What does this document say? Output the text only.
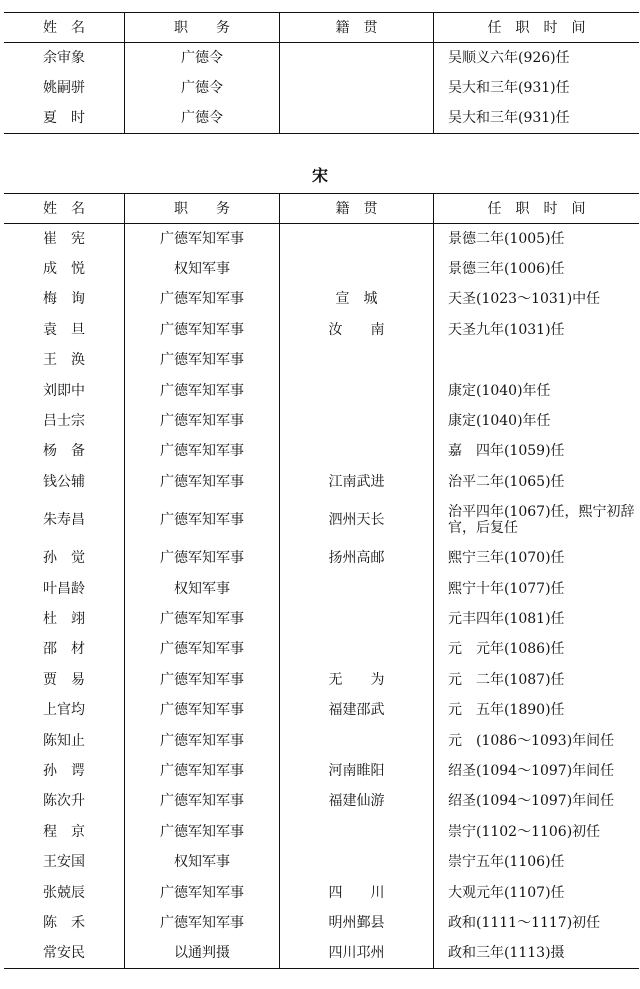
姓　名	职　　务	籍　贯	任　职　时　间
余审象	广德令		吴顺义六年(926)任
姚嗣骈	广德令		吴大和三年(931)任
夏　时	广德令		吴大和三年(931)任
宋
姓　名	职　　务	籍　贯	任　职　时　间
崔　宪	广德军知军事		景德二年(1005)任
成　悦	权知军事		景德三年(1006)任
梅　询	广德军知军事	宣　城	天圣(1023～1031)中任
袁　旦	广德军知军事	汝　　南	天圣九年(1031)任
王　涣	广德军知军事		
刘即中	广德军知军事		康定(1040)年任
吕士宗	广德军知军事		康定(1040)年任
杨　备	广德军知军事		嘉　四年(1059)任
钱公辅	广德军知军事	江南武进	治平二年(1065)任
朱寿昌	广德军知军事	泗州天长	治平四年(1067)任，熙宁初辞官，后复任
孙　觉	广德军知军事	扬州高邮	熙宁三年(1070)任
叶昌龄	权知军事		熙宁十年(1077)任
杜　翊	广德军知军事		元丰四年(1081)任
邵　材	广德军知军事		元　元年(1086)任
贾　易	广德军知军事	无　　为	元　二年(1087)任
上官均	广德军知军事	福建邵武	元　五年(1890)任
陈知止	广德军知军事		元　(1086～1093)年间任
孙　谔	广德军知军事	河南睢阳	绍圣(1094～1097)年间任
陈次升	广德军知军事	福建仙游	绍圣(1094～1097)年间任
程　京	广德军知军事		崇宁(1102～1106)初任
王安国	权知军事		崇宁五年(1106)任
张兢辰	广德军知军事	四　　川	大观元年(1107)任
陈　禾	广德军知军事	明州鄞县	政和(1111～1117)初任
常安民	以通判摄	四川邛州	政和三年(1113)摄
